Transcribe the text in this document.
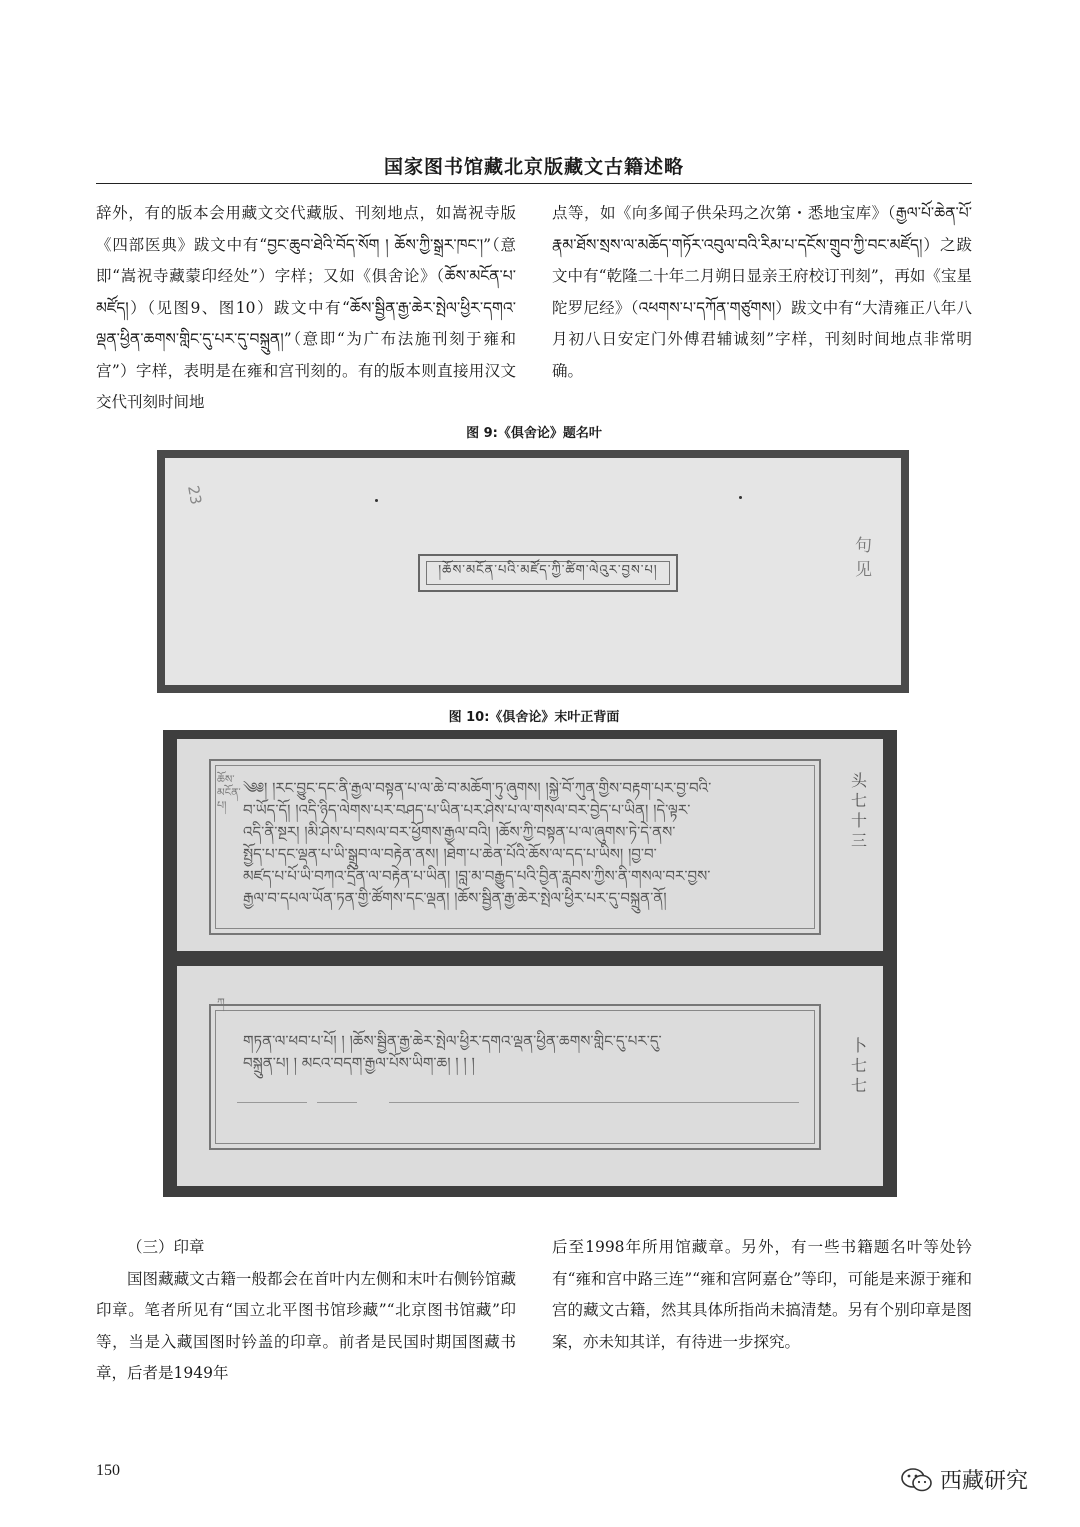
国家图书馆藏北京版藏文古籍述略

辞外，有的版本会用藏文交代藏版、刊刻地点，如嵩祝寺版《四部医典》跋文中有“བྱང་ཆུབ་ཐེའི་བོད་སོག ། ཆོས་ཀྱི་སྒྲར་ཁང་།”（意即“嵩祝寺藏蒙印经处”）字样；又如《俱舍论》（ཆོས་མངོན་པ་མཛོད།）（见图9、图10）跋文中有“ཆོས་སྦྱིན་རྒྱ་ཆེར་སྤེལ་ཕྱིར་དགའ་ལྡན་ཕྱིན་ཆགས་གླིང་དུ་པར་དུ་བསྐྲུན།”（意即“为广布法施刊刻于雍和宫”）字样，表明是在雍和宫刊刻的。有的版本则直接用汉文交代刊刻时间地

点等，如《向多闻子供朵玛之次第・悉地宝库》（རྒྱལ་པོ་ཆེན་པོ་རྣམ་ཐོས་སྲས་ལ་མཆོད་གཏོར་འབུལ་བའི་རིམ་པ་དངོས་གྲུབ་ཀྱི་བང་མཛོད།）之跋文中有“乾隆二十年二月朔日显亲王府校订刊刻”，再如《宝星陀罗尼经》（འཕགས་པ་དཀོན་གཙུགས།）跋文中有“大清雍正八年八月初八日安定门外傅君辅诚刻”字样，刊刻时间地点非常明确。

图 9:《俱舍论》题名叶
23
།ཆོས་མངོན་པའི་མཛོད་ཀྱི་ཚིག་ལེའུར་བྱས་པ།
句见
图 10:《俱舍论》末叶正背面
ཆོས་མངོན་པ།
༄༅། །རང་བྱུང་དང་ནི་རྒྱལ་བསྟན་པ་ལ་ཆེ་བ་མཆོག་ཏུ་ཞུགས། །སྐྱེ་བོ་ཀུན་གྱིས་བརྟག་པར་བྱ་བའི་
བ་ཡོད་དོ། །འདི་ཉིད་ལེགས་པར་བཤད་པ་ཡིན་པར་ཤེས་པ་ལ་གསལ་བར་བྱེད་པ་ཡིན། །དེ་ལྟར་
འདི་ནི་སྔར། །མི་ཤེས་པ་བསལ་བར་ཕྱོགས་རྒྱལ་བའི། །ཆོས་ཀྱི་བསྟན་པ་ལ་ཞུགས་ཏེ་དེ་ནས་
སྤྱོད་པ་དང་ལྡན་པ་ཡི་སྒྲུབ་ལ་བརྟེན་ནས། །ཐེག་པ་ཆེན་པོའི་ཆོས་ལ་དད་པ་ཡིས། །བྱ་བ་
མཛད་པ་པོ་ཡི་བཀའ་དྲིན་ལ་བརྟེན་པ་ཡིན། །བླ་མ་བརྒྱུད་པའི་བྱིན་རླབས་ཀྱིས་ནི་གསལ་བར་བྱས་
རྒྱལ་བ་དཔལ་ཡོན་ཏན་གྱི་ཚོགས་དང་ལྡན། །ཆོས་སྦྱིན་རྒྱ་ཆེར་སྤེལ་ཕྱིར་པར་དུ་བསྐྲུན་ནོ།
头七十三
ཀ
གཏན་ལ་ཕབ་པ་པོ། ། །ཆོས་སྦྱིན་རྒྱ་ཆེར་སྤེལ་ཕྱིར་དགའ་ལྡན་ཕྱིན་ཆགས་གླིང་དུ་པར་དུ་
བསྐྲུན་པ། ། མངའ་བདག་རྒྱལ་པོས་ཡིག་ཆ། ། ། །
卜七七

（三）印章

国图藏藏文古籍一般都会在首叶内左侧和末叶右侧钤馆藏印章。笔者所见有“国立北平图书馆珍藏”“北京图书馆藏”印等，当是入藏国图时钤盖的印章。前者是民国时期国图藏书章，后者是1949年

后至1998年所用馆藏章。另外，有一些书籍题名叶等处钤有“雍和宫中路三连”“雍和宫阿嘉仓”等印，可能是来源于雍和宫的藏文古籍，然其具体所指尚未搞清楚。另有个别印章是图案，亦未知其详，有待进一步探究。

150	西藏研究
